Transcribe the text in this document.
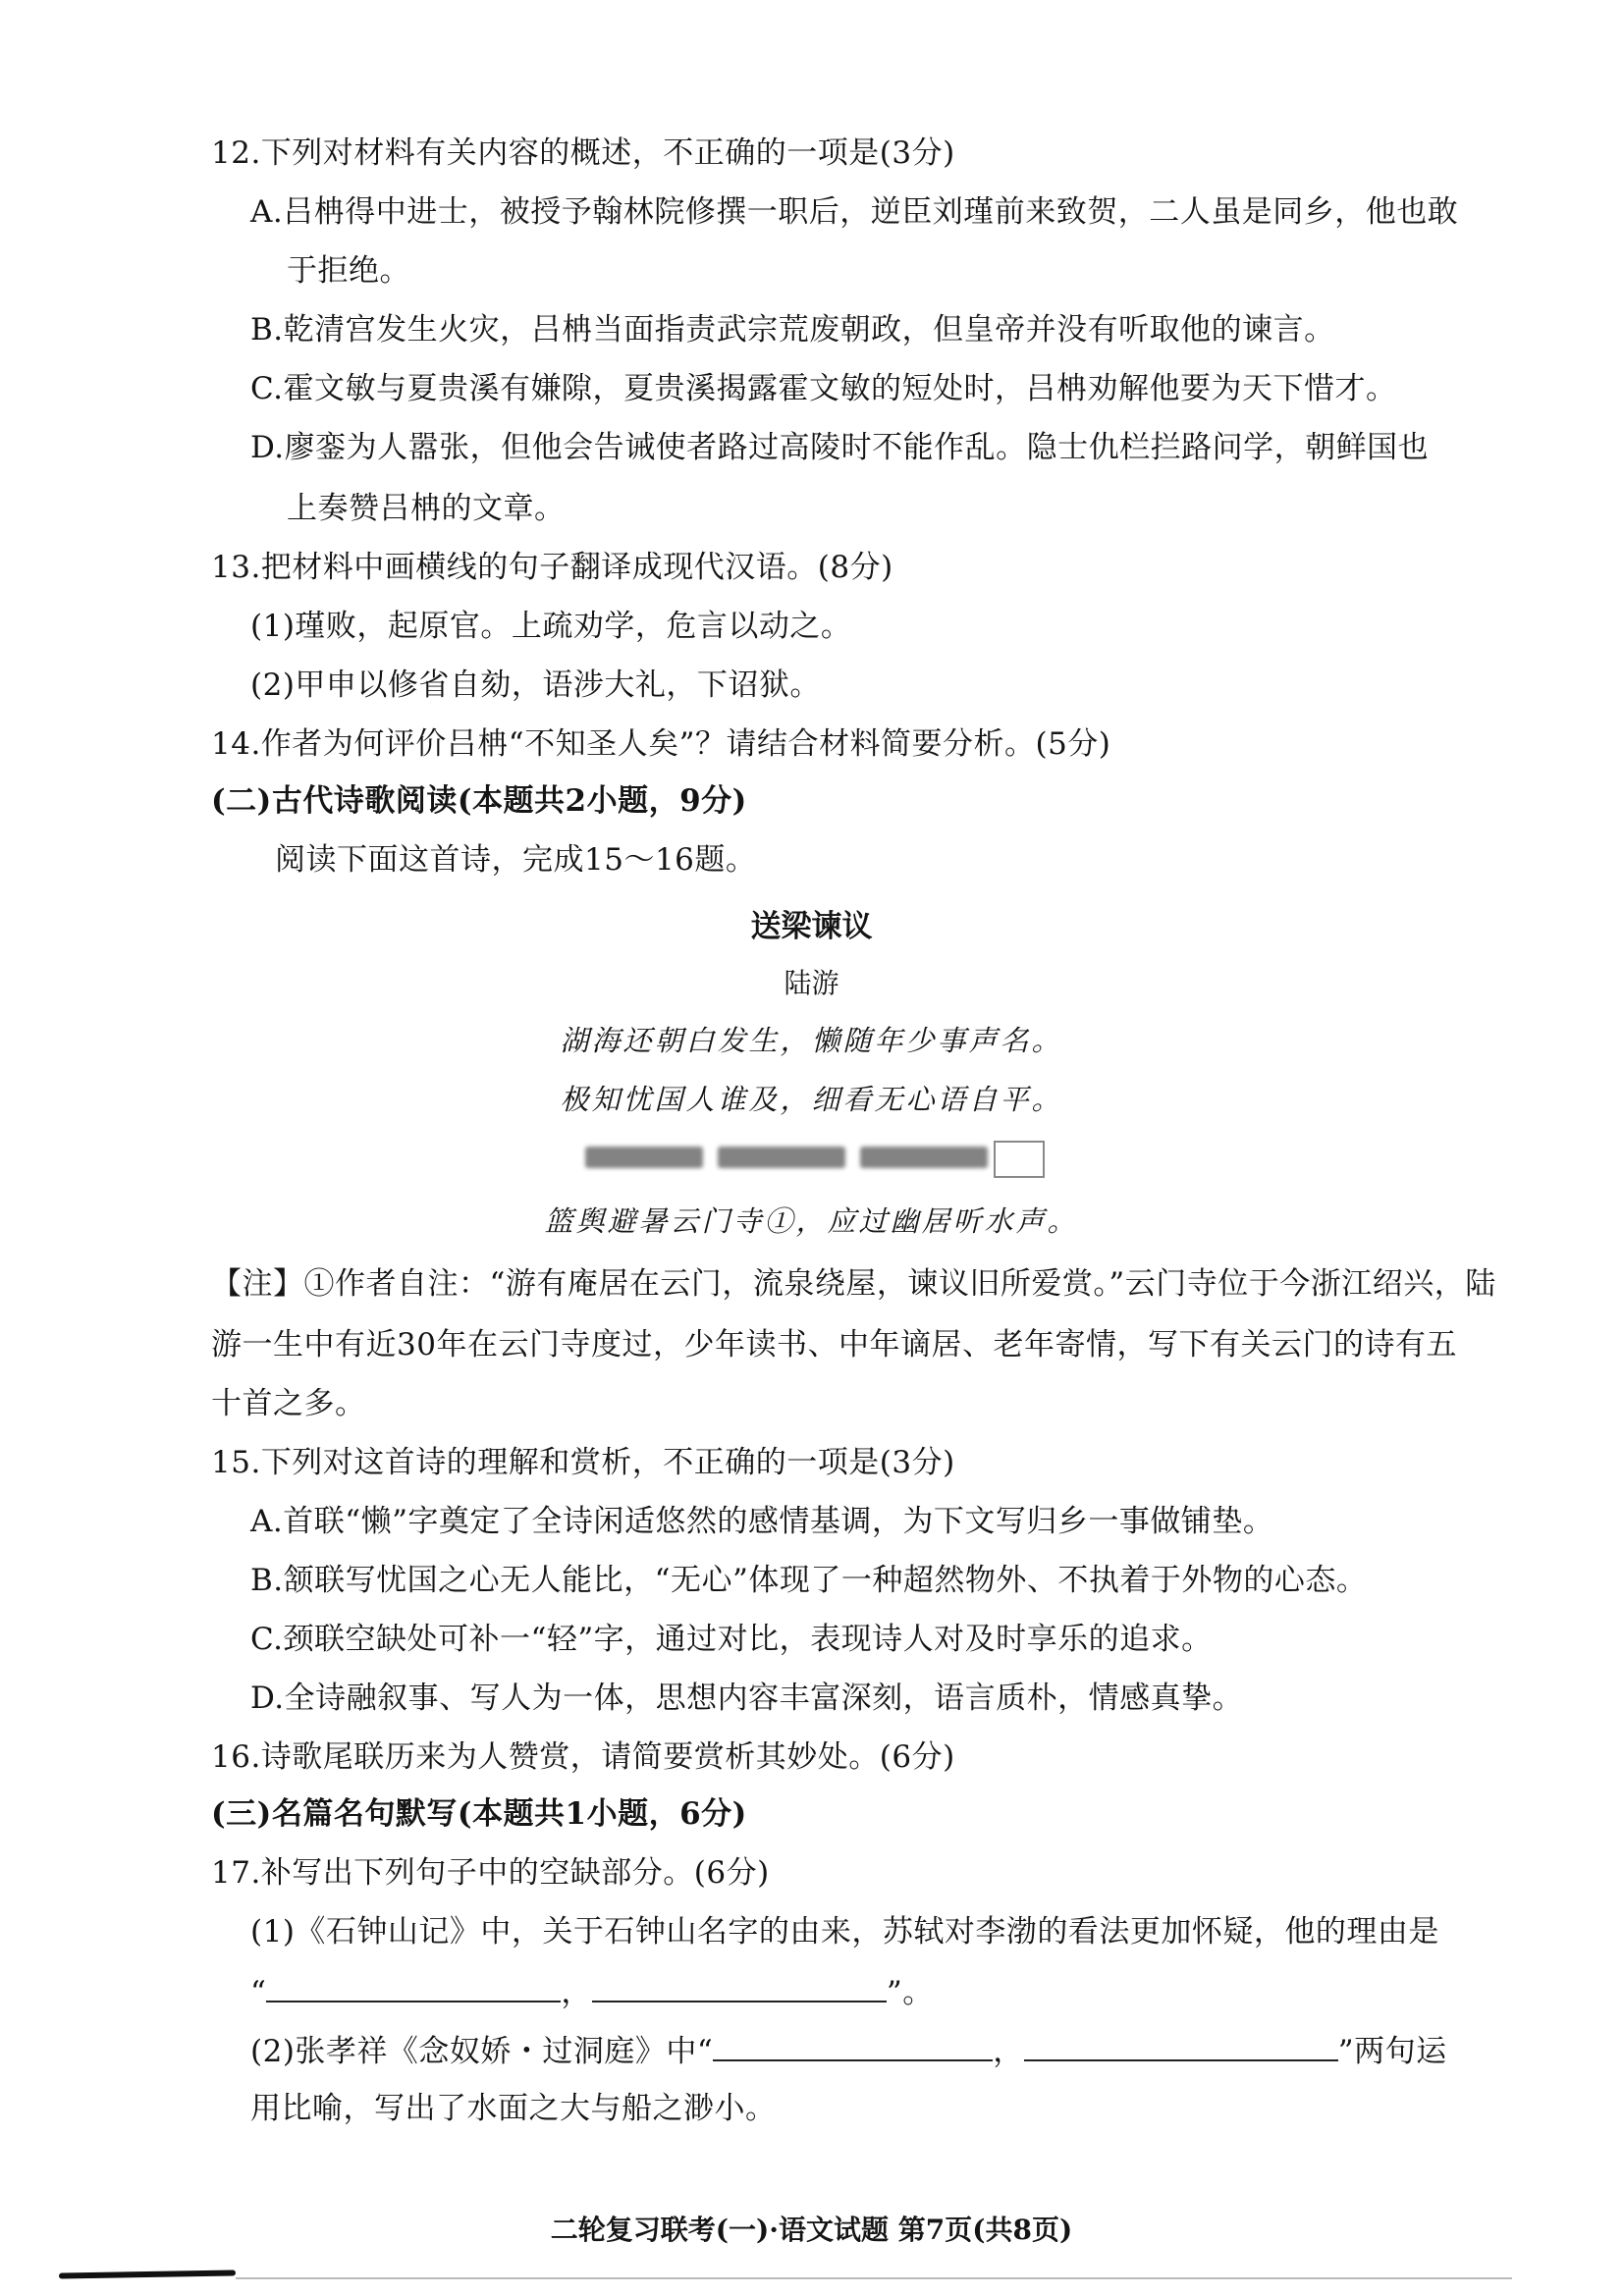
12.下列对材料有关内容的概述，不正确的一项是(3分)
A.吕柟得中进士，被授予翰林院修撰一职后，逆臣刘瑾前来致贺，二人虽是同乡，他也敢
于拒绝。
B.乾清宫发生火灾，吕柟当面指责武宗荒废朝政，但皇帝并没有听取他的谏言。
C.霍文敏与夏贵溪有嫌隙，夏贵溪揭露霍文敏的短处时，吕柟劝解他要为天下惜才。
D.廖銮为人嚣张，但他会告诫使者路过高陵时不能作乱。隐士仇栏拦路问学，朝鲜国也
上奏赞吕柟的文章。
13.把材料中画横线的句子翻译成现代汉语。(8分)
(1)瑾败，起原官。上疏劝学，危言以动之。
(2)甲申以修省自劾，语涉大礼，下诏狱。
14.作者为何评价吕柟“不知圣人矣”？请结合材料简要分析。(5分)
(二)古代诗歌阅读(本题共2小题，9分)
阅读下面这首诗，完成15～16题。
送梁谏议
陆游
湖海还朝白发生，懒随年少事声名。
极知忧国人谁及，细看无心语自平。
篮舆避暑云门寺①，应过幽居听水声。
【注】①作者自注：“游有庵居在云门，流泉绕屋，谏议旧所爱赏。”云门寺位于今浙江绍兴，陆
游一生中有近30年在云门寺度过，少年读书、中年谪居、老年寄情，写下有关云门的诗有五
十首之多。
15.下列对这首诗的理解和赏析，不正确的一项是(3分)
A.首联“懒”字奠定了全诗闲适悠然的感情基调，为下文写归乡一事做铺垫。
B.颔联写忧国之心无人能比，“无心”体现了一种超然物外、不执着于外物的心态。
C.颈联空缺处可补一“轻”字，通过对比，表现诗人对及时享乐的追求。
D.全诗融叙事、写人为一体，思想内容丰富深刻，语言质朴，情感真挚。
16.诗歌尾联历来为人赞赏，请简要赏析其妙处。(6分)
(三)名篇名句默写(本题共1小题，6分)
17.补写出下列句子中的空缺部分。(6分)
(1)《石钟山记》中，关于石钟山名字的由来，苏轼对李渤的看法更加怀疑，他的理由是
“	，	”。
(2)张孝祥《念奴娇・过洞庭》中“	，	”两句运
用比喻，写出了水面之大与船之渺小。
二轮复习联考(一)·语文试题 第7页(共8页)
